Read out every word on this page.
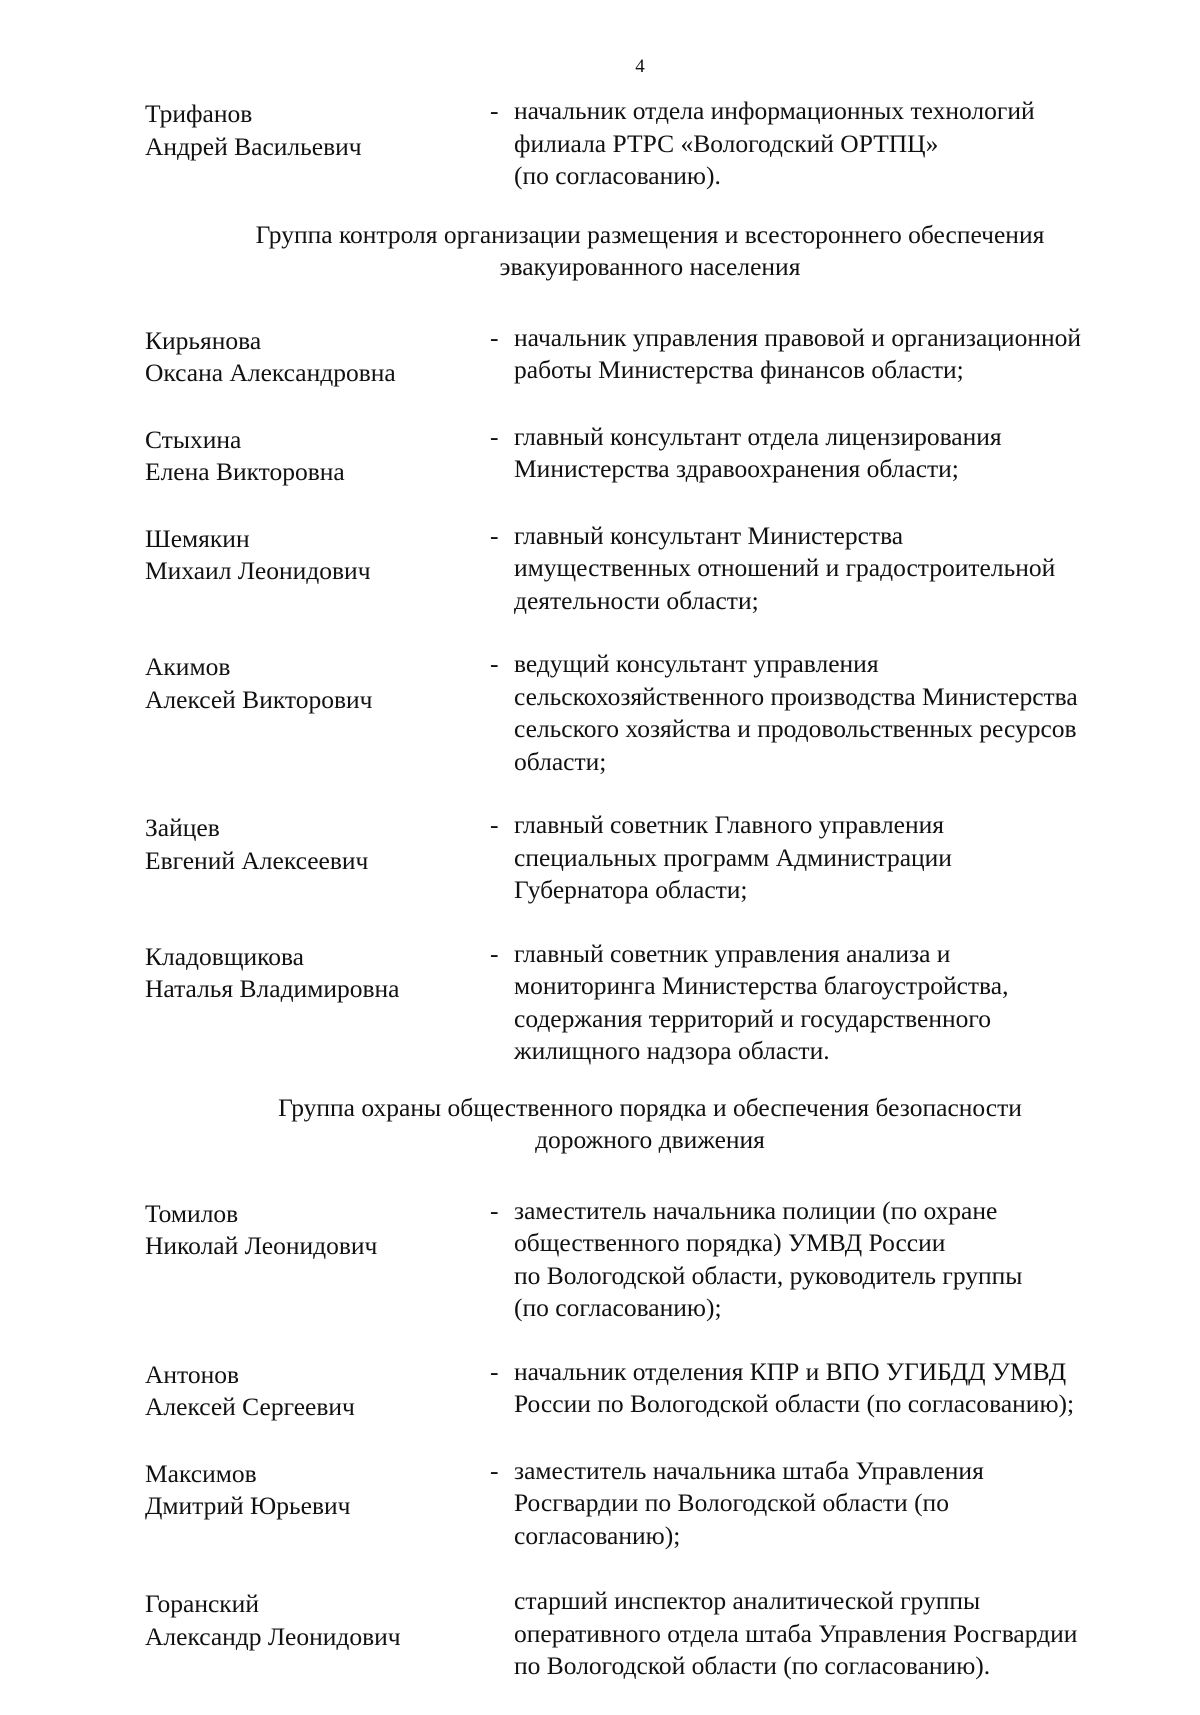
4
Трифанов
Андрей Васильевич
- начальник отдела информационных технологий
филиала РТРС «Вологодский ОРТПЦ»
(по согласованию).
Группа контроля организации размещения и всестороннего обеспечения
эвакуированного населения
Кирьянова
Оксана Александровна
- начальник управления правовой и организационной
работы Министерства финансов области;
Стыхина
Елена Викторовна
- главный консультант отдела лицензирования
Министерства здравоохранения области;
Шемякин
Михаил Леонидович
- главный консультант Министерства
имущественных отношений и градостроительной
деятельности области;
Акимов
Алексей Викторович
- ведущий консультант управления
сельскохозяйственного производства Министерства
сельского хозяйства и продовольственных ресурсов
области;
Зайцев
Евгений Алексеевич
- главный советник Главного управления
специальных программ Администрации
Губернатора области;
Кладовщикова
Наталья Владимировна
- главный советник управления анализа и
мониторинга Министерства благоустройства,
содержания территорий и государственного
жилищного надзора области.
Группа охраны общественного порядка и обеспечения безопасности
дорожного движения
Томилов
Николай Леонидович
- заместитель начальника полиции (по охране
общественного порядка) УМВД России
по Вологодской области, руководитель группы
(по согласованию);
Антонов
Алексей Сергеевич
- начальник отделения КПР и ВПО УГИБДД УМВД
России по Вологодской области (по согласованию);
Максимов
Дмитрий Юрьевич
- заместитель начальника штаба Управления
Росгвардии по Вологодской области (по
согласованию);
Горанский
Александр Леонидович
старший инспектор аналитической группы
оперативного отдела штаба Управления Росгвардии
по Вологодской области (по согласованию).
